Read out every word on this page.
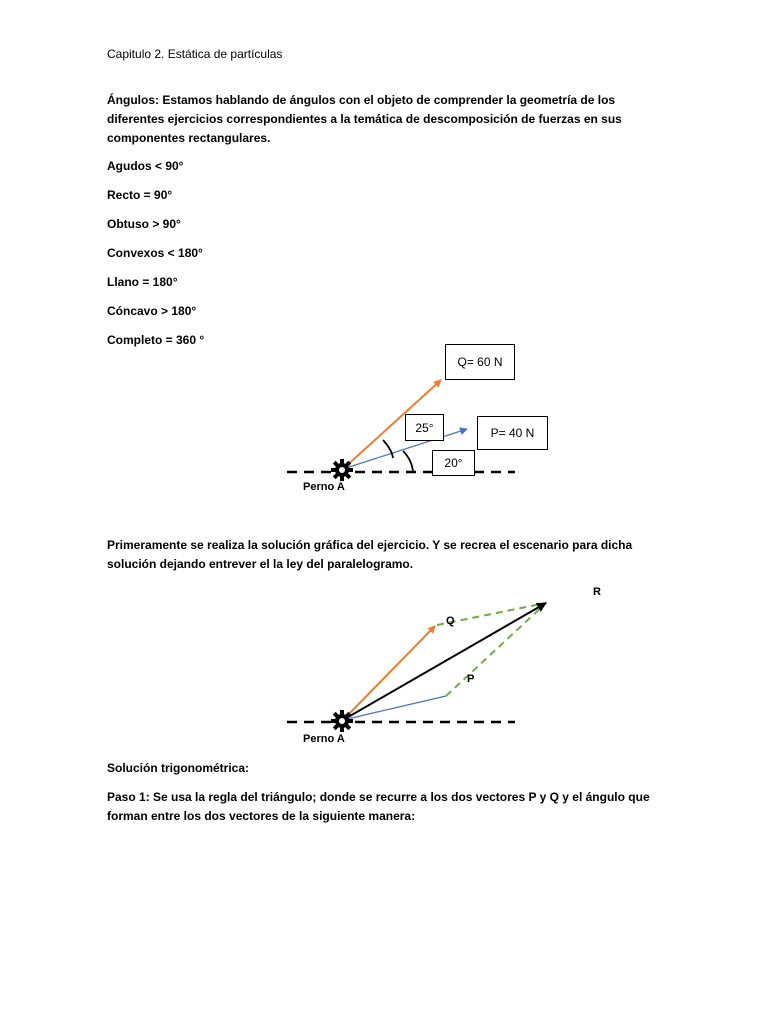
Capitulo 2. Estática de partículas
Ángulos: Estamos hablando de ángulos con el objeto de comprender la geometría de los
diferentes ejercicios correspondientes a la temática de descomposición de fuerzas en sus
componentes rectangulares.
Agudos < 90°
Recto = 90°
Obtuso > 90°
Convexos < 180°
Llano = 180°
Cóncavo > 180°
Completo = 360 °
Q= 60 N
P= 40 N
25°
20°
Perno A
Primeramente se realiza la solución gráfica del ejercicio. Y se recrea el escenario para dicha
solución dejando entrever el la ley del paralelogramo.
R
Q
P
Perno A
Solución trigonométrica:
Paso 1: Se usa la regla del triángulo; donde se recurre a los dos vectores P y Q y el ángulo que
forman entre los dos vectores de la siguiente manera:
